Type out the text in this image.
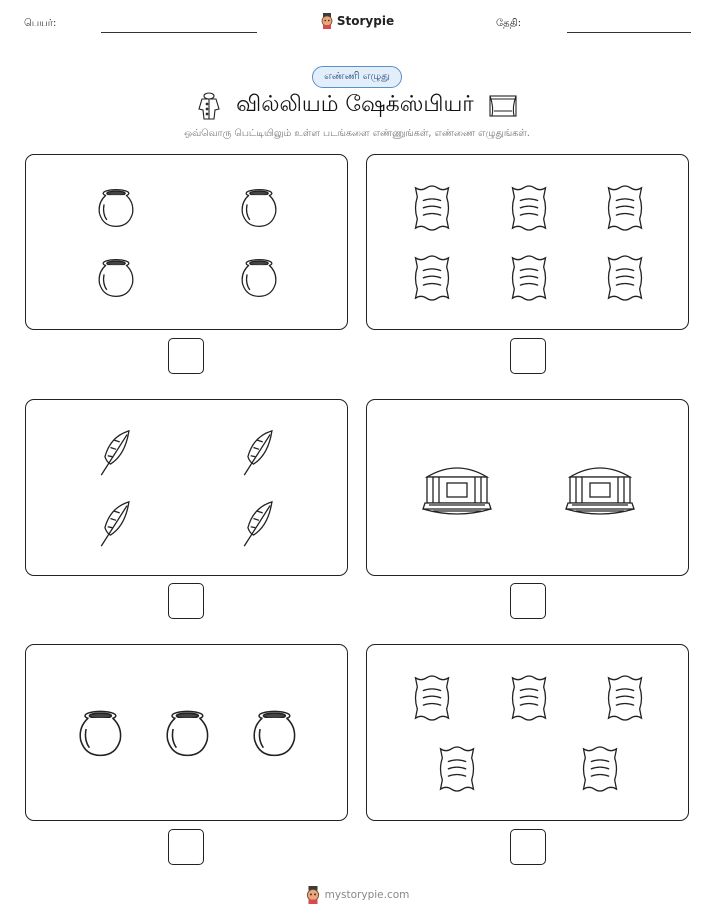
பெயர்:	Storypie	தேதி:
எண்ணி எழுது
வில்லியம் ஷேக்ஸ்பியர்
ஒவ்வொரு பெட்டியிலும் உள்ள படங்களை எண்ணுங்கள், எண்ணை எழுதுங்கள்.
mystorypie.com
